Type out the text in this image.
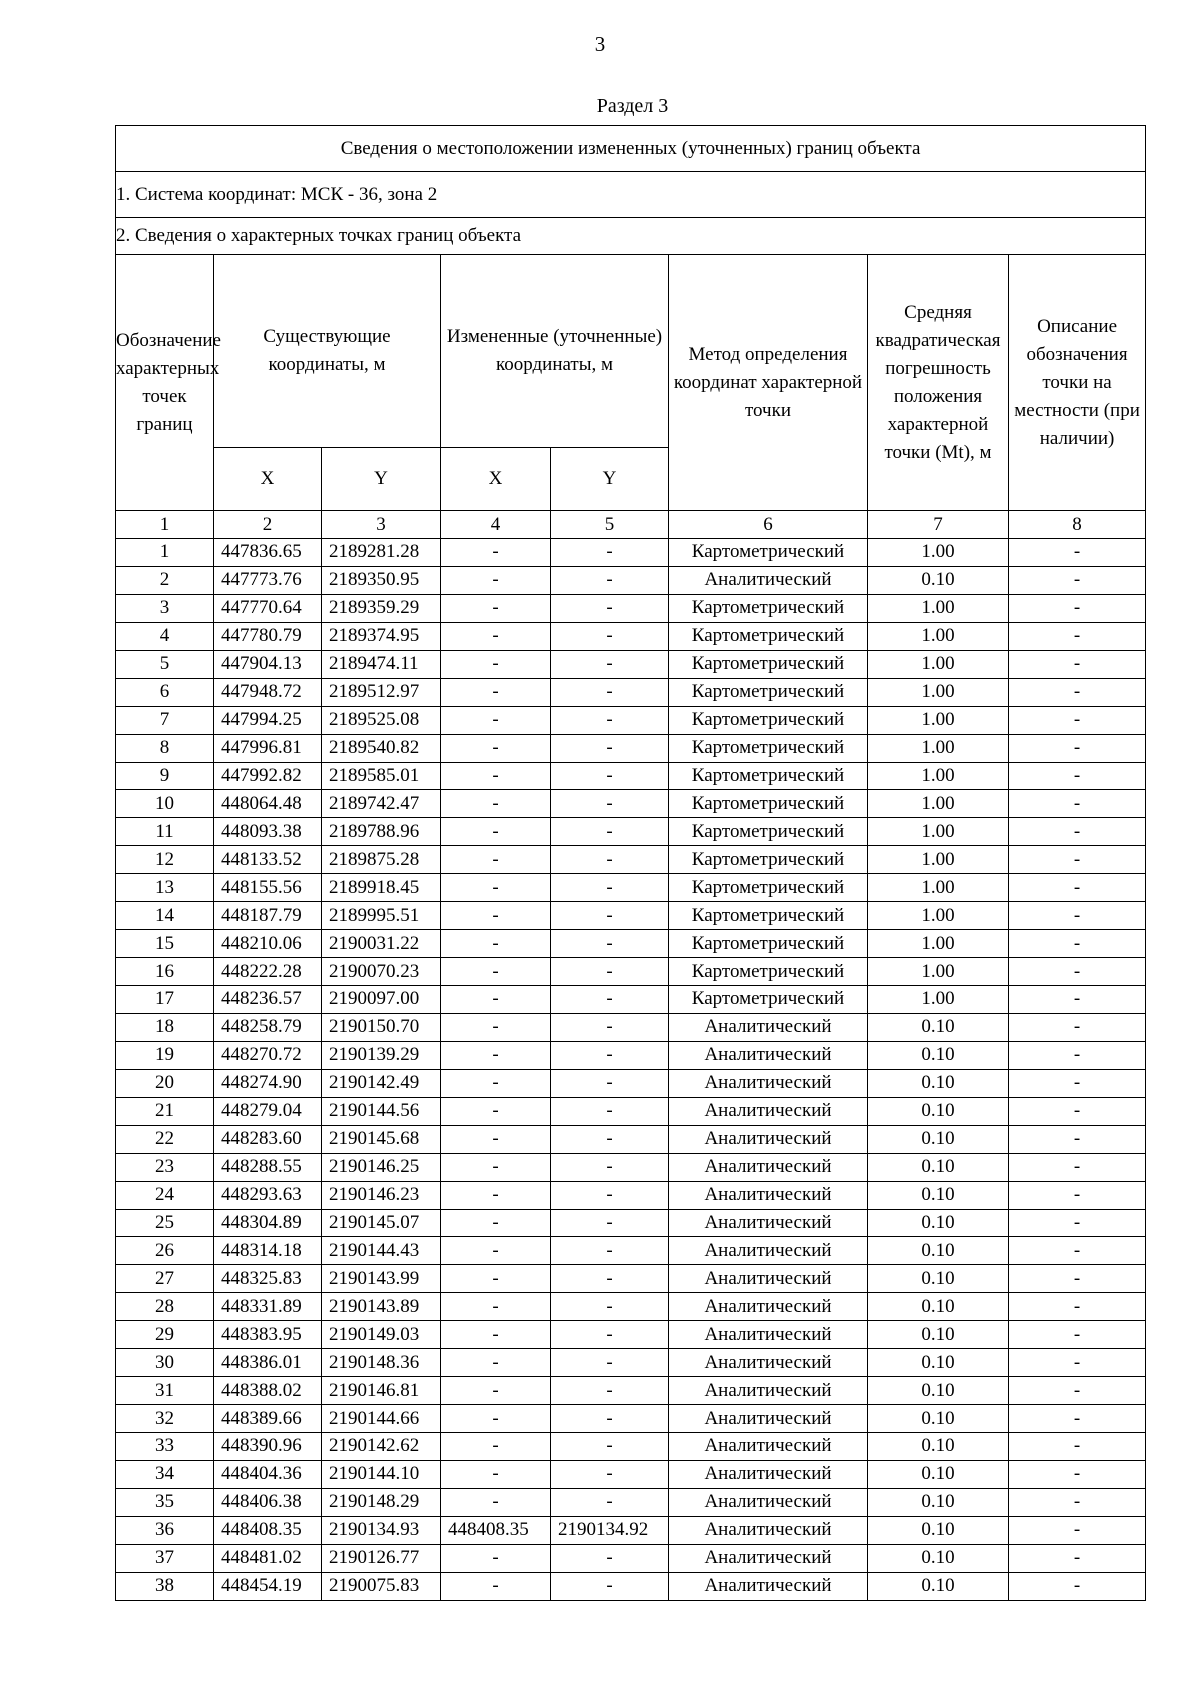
3
Раздел 3
Сведения о местоположении измененных (уточненных) границ объекта							
1. Система координат: МСК - 36, зона 2							
2. Сведения о характерных точках границ объекта							
Обозначение характерных точек границ	Существующие координаты, м		Измененные (уточненные) координаты, м		Метод определения координат характерной точки	Средняя квадратическая погрешность положения характерной точки (Mt), м	Описание обозначения точки на местности (при наличии)
	X	Y	X	Y			
1	2	3	4	5	6	7	8
1	447836.65	2189281.28	-	-	Картометрический	1.00	-
2	447773.76	2189350.95	-	-	Аналитический	0.10	-
3	447770.64	2189359.29	-	-	Картометрический	1.00	-
4	447780.79	2189374.95	-	-	Картометрический	1.00	-
5	447904.13	2189474.11	-	-	Картометрический	1.00	-
6	447948.72	2189512.97	-	-	Картометрический	1.00	-
7	447994.25	2189525.08	-	-	Картометрический	1.00	-
8	447996.81	2189540.82	-	-	Картометрический	1.00	-
9	447992.82	2189585.01	-	-	Картометрический	1.00	-
10	448064.48	2189742.47	-	-	Картометрический	1.00	-
11	448093.38	2189788.96	-	-	Картометрический	1.00	-
12	448133.52	2189875.28	-	-	Картометрический	1.00	-
13	448155.56	2189918.45	-	-	Картометрический	1.00	-
14	448187.79	2189995.51	-	-	Картометрический	1.00	-
15	448210.06	2190031.22	-	-	Картометрический	1.00	-
16	448222.28	2190070.23	-	-	Картометрический	1.00	-
17	448236.57	2190097.00	-	-	Картометрический	1.00	-
18	448258.79	2190150.70	-	-	Аналитический	0.10	-
19	448270.72	2190139.29	-	-	Аналитический	0.10	-
20	448274.90	2190142.49	-	-	Аналитический	0.10	-
21	448279.04	2190144.56	-	-	Аналитический	0.10	-
22	448283.60	2190145.68	-	-	Аналитический	0.10	-
23	448288.55	2190146.25	-	-	Аналитический	0.10	-
24	448293.63	2190146.23	-	-	Аналитический	0.10	-
25	448304.89	2190145.07	-	-	Аналитический	0.10	-
26	448314.18	2190144.43	-	-	Аналитический	0.10	-
27	448325.83	2190143.99	-	-	Аналитический	0.10	-
28	448331.89	2190143.89	-	-	Аналитический	0.10	-
29	448383.95	2190149.03	-	-	Аналитический	0.10	-
30	448386.01	2190148.36	-	-	Аналитический	0.10	-
31	448388.02	2190146.81	-	-	Аналитический	0.10	-
32	448389.66	2190144.66	-	-	Аналитический	0.10	-
33	448390.96	2190142.62	-	-	Аналитический	0.10	-
34	448404.36	2190144.10	-	-	Аналитический	0.10	-
35	448406.38	2190148.29	-	-	Аналитический	0.10	-
36	448408.35	2190134.93	448408.35	2190134.92	Аналитический	0.10	-
37	448481.02	2190126.77	-	-	Аналитический	0.10	-
38	448454.19	2190075.83	-	-	Аналитический	0.10	-
